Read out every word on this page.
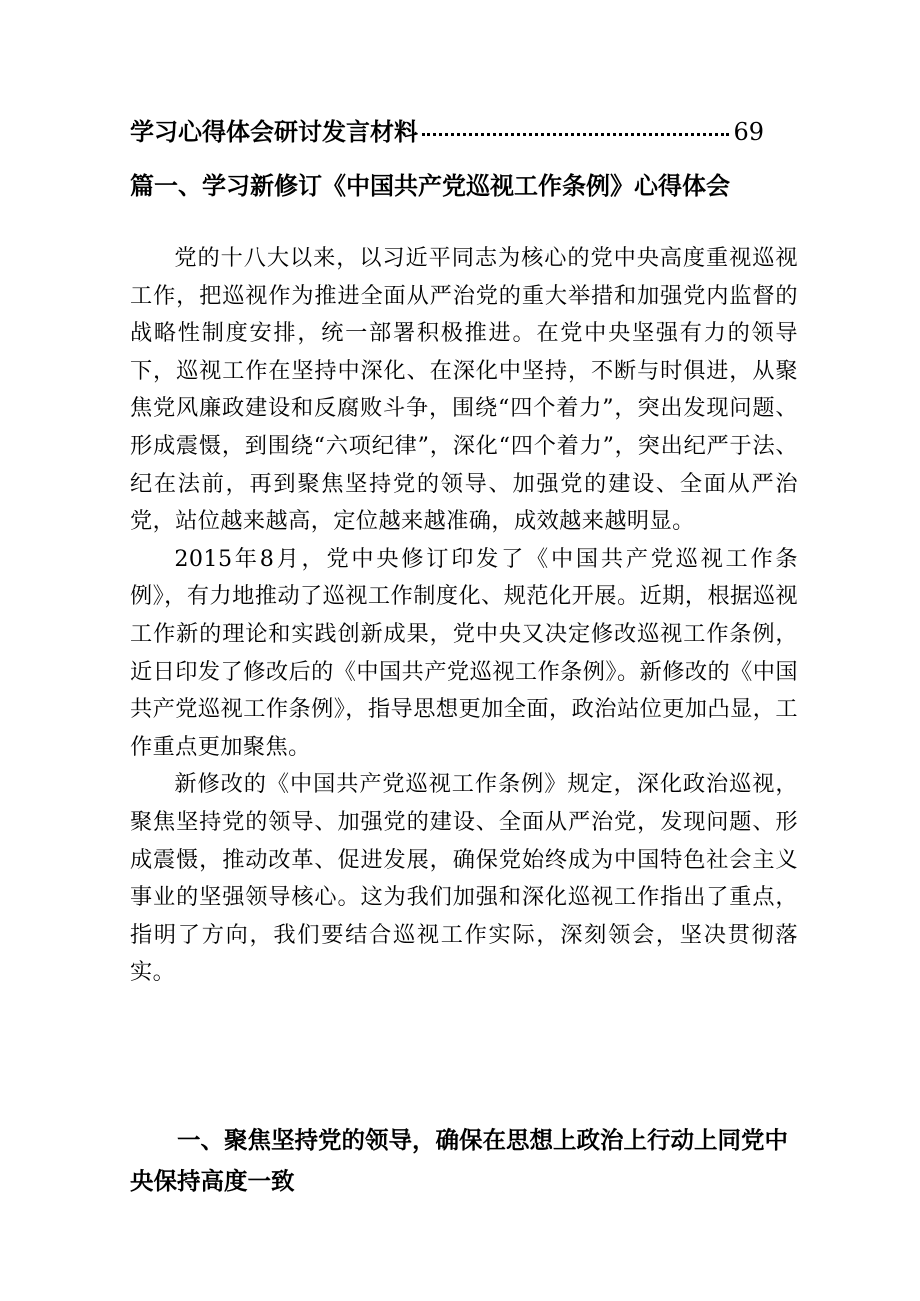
学习心得体会研讨发言材料	69
篇一、学习新修订《中国共产党巡视工作条例》心得体会

党的十八大以来，以习近平同志为核心的党中央高度重视巡视工作，把巡视作为推进全面从严治党的重大举措和加强党内监督的战略性制度安排，统一部署积极推进。在党中央坚强有力的领导下，巡视工作在坚持中深化、在深化中坚持，不断与时俱进，从聚焦党风廉政建设和反腐败斗争，围绕“四个着力”，突出发现问题、形成震慑，到围绕“六项纪律”，深化“四个着力”，突出纪严于法、纪在法前，再到聚焦坚持党的领导、加强党的建设、全面从严治党，站位越来越高，定位越来越准确，成效越来越明显。

2015年8月，党中央修订印发了《中国共产党巡视工作条例》，有力地推动了巡视工作制度化、规范化开展。近期，根据巡视工作新的理论和实践创新成果，党中央又决定修改巡视工作条例，近日印发了修改后的《中国共产党巡视工作条例》。新修改的《中国共产党巡视工作条例》，指导思想更加全面，政治站位更加凸显，工作重点更加聚焦。

新修改的《中国共产党巡视工作条例》规定，深化政治巡视，聚焦坚持党的领导、加强党的建设、全面从严治党，发现问题、形成震慑，推动改革、促进发展，确保党始终成为中国特色社会主义事业的坚强领导核心。这为我们加强和深化巡视工作指出了重点，指明了方向，我们要结合巡视工作实际，深刻领会，坚决贯彻落实。

一、聚焦坚持党的领导，确保在思想上政治上行动上同党中央保持高度一致
